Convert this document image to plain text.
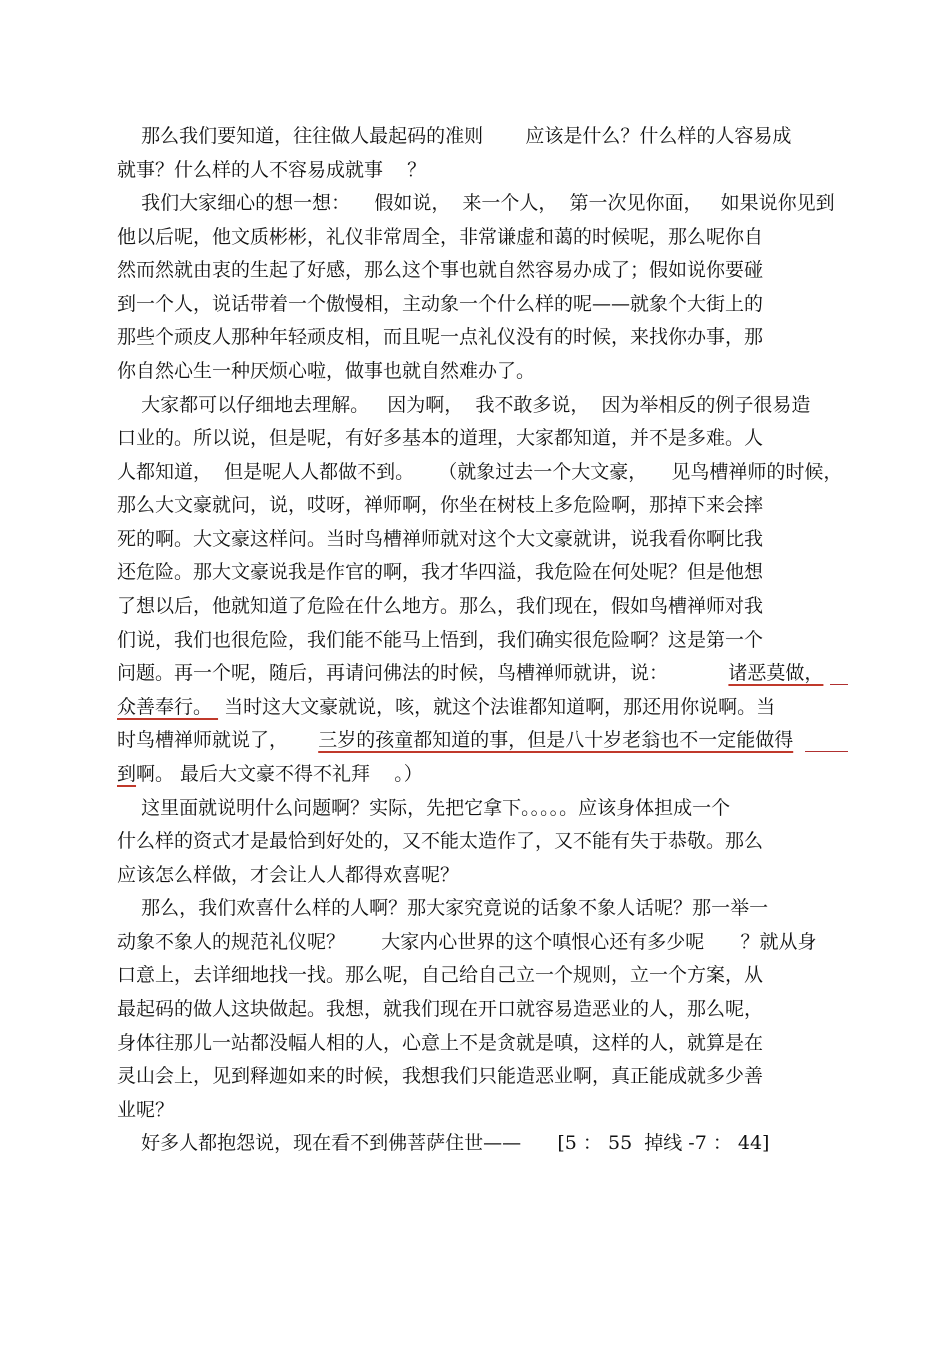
那么我们要知道，往往做人最起码的准则       应该是什么？什么样的人容易成
就事？什么样的人不容易成就事    ？
我们大家细心的想一想：    假如说，  来一个人，  第一次见你面，   如果说你见到
他以后呢，他文质彬彬，礼仪非常周全，非常谦虚和蔼的时候呢，那么呢你自
然而然就由衷的生起了好感，那么这个事也就自然容易办成了；假如说你要碰
到一个人，说话带着一个傲慢相，主动象一个什么样的呢——就象个大街上的
那些个顽皮人那种年轻顽皮相，而且呢一点礼仪没有的时候，来找你办事，那
你自然心生一种厌烦心啦，做事也就自然难办了。
大家都可以仔细地去理解。   因为啊，  我不敢多说，  因为举相反的例子很易造
口业的。所以说，但是呢，有好多基本的道理，大家都知道，并不是多难。人
人都知道，  但是呢人人都做不到。    （就象过去一个大文豪，    见鸟槽禅师的时候，
那么大文豪就问，说，哎呀，禅师啊，你坐在树枝上多危险啊，那掉下来会摔
死的啊。大文豪这样问。当时鸟槽禅师就对这个大文豪就讲，说我看你啊比我
还危险。那大文豪说我是作官的啊，我才华四溢，我危险在何处呢？但是他想
了想以后，他就知道了危险在什么地方。那么，我们现在，假如鸟槽禅师对我
们说，我们也很危险，我们能不能马上悟到，我们确实很危险啊？这是第一个
问题。再一个呢，随后，再请问佛法的时候，鸟槽禅师就讲，说：          诸恶莫做，
众善奉行。  当时这大文豪就说，咳，就这个法谁都知道啊，那还用你说啊。当
时鸟槽禅师就说了，     三岁的孩童都知道的事，但是八十岁老翁也不一定能做得
到啊。 最后大文豪不得不礼拜    。）
这里面就说明什么问题啊？实际，先把它拿下。。。。。应该身体担成一个
什么样的资式才是最恰到好处的，又不能太造作了，又不能有失于恭敬。那么
应该怎么样做，才会让人人都得欢喜呢？
那么，我们欢喜什么样的人啊？那大家究竟说的话象不象人话呢？那一举一
动象不象人的规范礼仪呢？      大家内心世界的这个嗔恨心还有多少呢      ？就从身
口意上，去详细地找一找。那么呢，自己给自己立一个规则，立一个方案，从
最起码的做人这块做起。我想，就我们现在开口就容易造恶业的人，那么呢，
身体往那儿一站都没幅人相的人，心意上不是贪就是嗔，这样的人，就算是在
灵山会上，见到释迦如来的时候，我想我们只能造恶业啊，真正能成就多少善
业呢？
好多人都抱怨说，现在看不到佛菩萨住世——      [5 ： 55  掉线 -7 ： 44]
